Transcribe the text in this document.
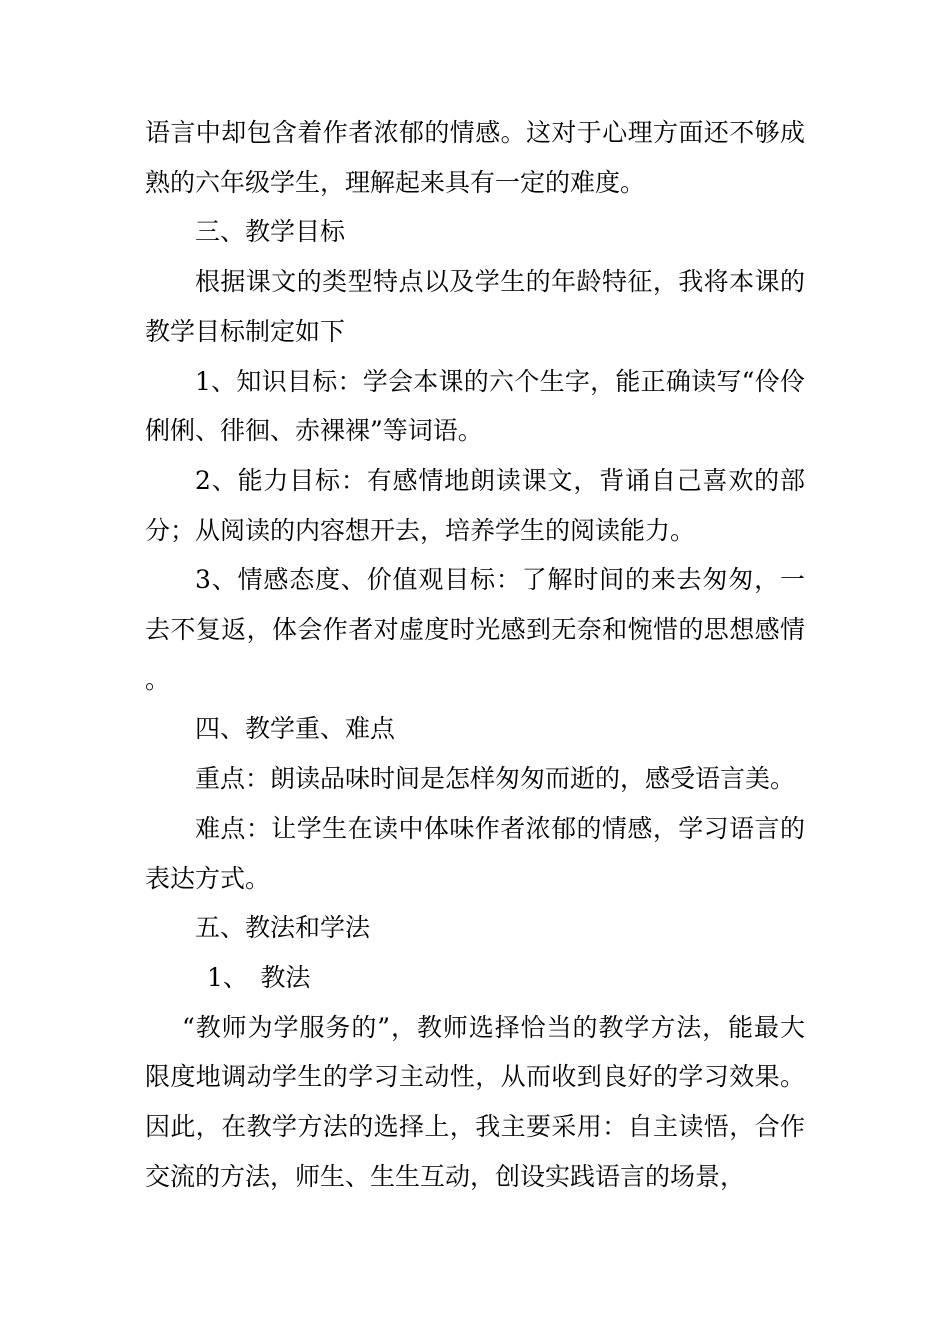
语言中却包含着作者浓郁的情感。这对于心理方面还不够成熟的六年级学生，理解起来具有一定的难度。

三、教学目标

根据课文的类型特点以及学生的年龄特征，我将本课的教学目标制定如下

1、知识目标：学会本课的六个生字，能正确读写“伶伶俐俐、徘徊、赤裸裸”等词语。

2、能力目标：有感情地朗读课文，背诵自己喜欢的部分；从阅读的内容想开去，培养学生的阅读能力。

3、情感态度、价值观目标：了解时间的来去匆匆，一去不复返，体会作者对虚度时光感到无奈和惋惜的思想感情。

四、教学重、难点

重点：朗读品味时间是怎样匆匆而逝的，感受语言美。

难点：让学生在读中体味作者浓郁的情感，学习语言的表达方式。

五、教法和学法

1、　教法

“教师为学服务的”，教师选择恰当的教学方法，能最大限度地调动学生的学习主动性，从而收到良好的学习效果。因此，在教学方法的选择上，我主要采用：自主读悟，合作交流的方法，师生、生生互动，创设实践语言的场景，
